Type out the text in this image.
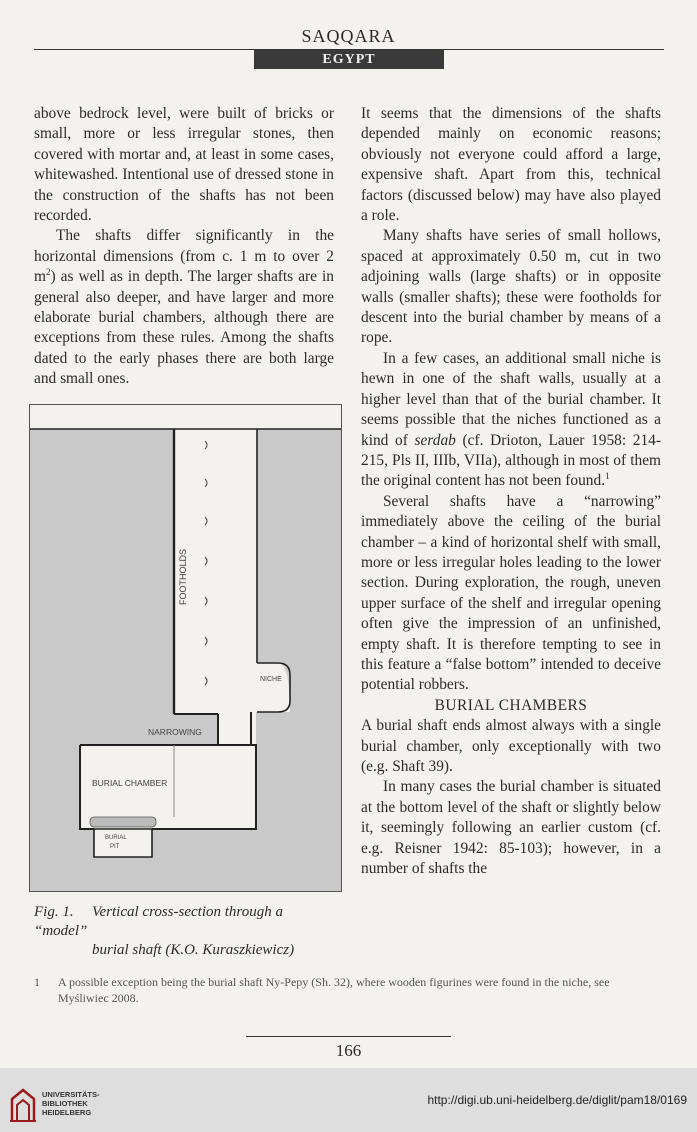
SAQQARA
EGYPT

above bedrock level, were built of bricks or small, more or less irregular stones, then covered with mortar and, at least in some cases, whitewashed. Intentional use of dressed stone in the construction of the shafts has not been recorded.

The shafts differ significantly in the horizontal dimensions (from c. 1 m to over 2 $m^2$) as well as in depth. The larger shafts are in general also deeper, and have larger and more elaborate burial chambers, although there are exceptions from these rules. Among the shafts dated to the early phases there are both large and small ones.

FOOTHOLDS
NICHE
NARROWING
BURIAL CHAMBER
BURIAL
PIT
Fig. 1. Vertical cross-section through a “model”
burial shaft (K.O. Kuraszkiewicz)

It seems that the dimensions of the shafts depended mainly on economic reasons; obviously not everyone could afford a large, expensive shaft. Apart from this, technical factors (discussed below) may have also played a role.

Many shafts have series of small hollows, spaced at approximately 0.50 m, cut in two adjoining walls (large shafts) or in opposite walls (smaller shafts); these were footholds for descent into the burial chamber by means of a rope.

In a few cases, an additional small niche is hewn in one of the shaft walls, usually at a higher level than that of the burial chamber. It seems possible that the niches functioned as a kind of serdab (cf. Drioton, Lauer 1958: 214-215, Pls II, IIIb, VIIa), although in most of them the original content has not been found.$^1$

Several shafts have a “narrowing” immediately above the ceiling of the burial chamber – a kind of horizontal shelf with small, more or less irregular holes leading to the lower section. During exploration, the rough, uneven upper surface of the shelf and irregular opening often give the impression of an unfinished, empty shaft. It is therefore tempting to see in this feature a “false bottom” intended to deceive potential robbers.

BURIAL CHAMBERS

A burial shaft ends almost always with a single burial chamber, only exceptionally with two (e.g. Shaft 39).

In many cases the burial chamber is situated at the bottom level of the shaft or slightly below it, seemingly following an earlier custom (cf. e.g. Reisner 1942: 85-103); however, in a number of shafts the

1 A possible exception being the burial shaft Ny-Pepy (Sh. 32), where wooden figurines were found in the niche, see
Myśliwiec 2008.
166
UNIVERSITÄTS-
BIBLIOTHEK
HEIDELBERG
http://digi.ub.uni-heidelberg.de/diglit/pam18/0169
